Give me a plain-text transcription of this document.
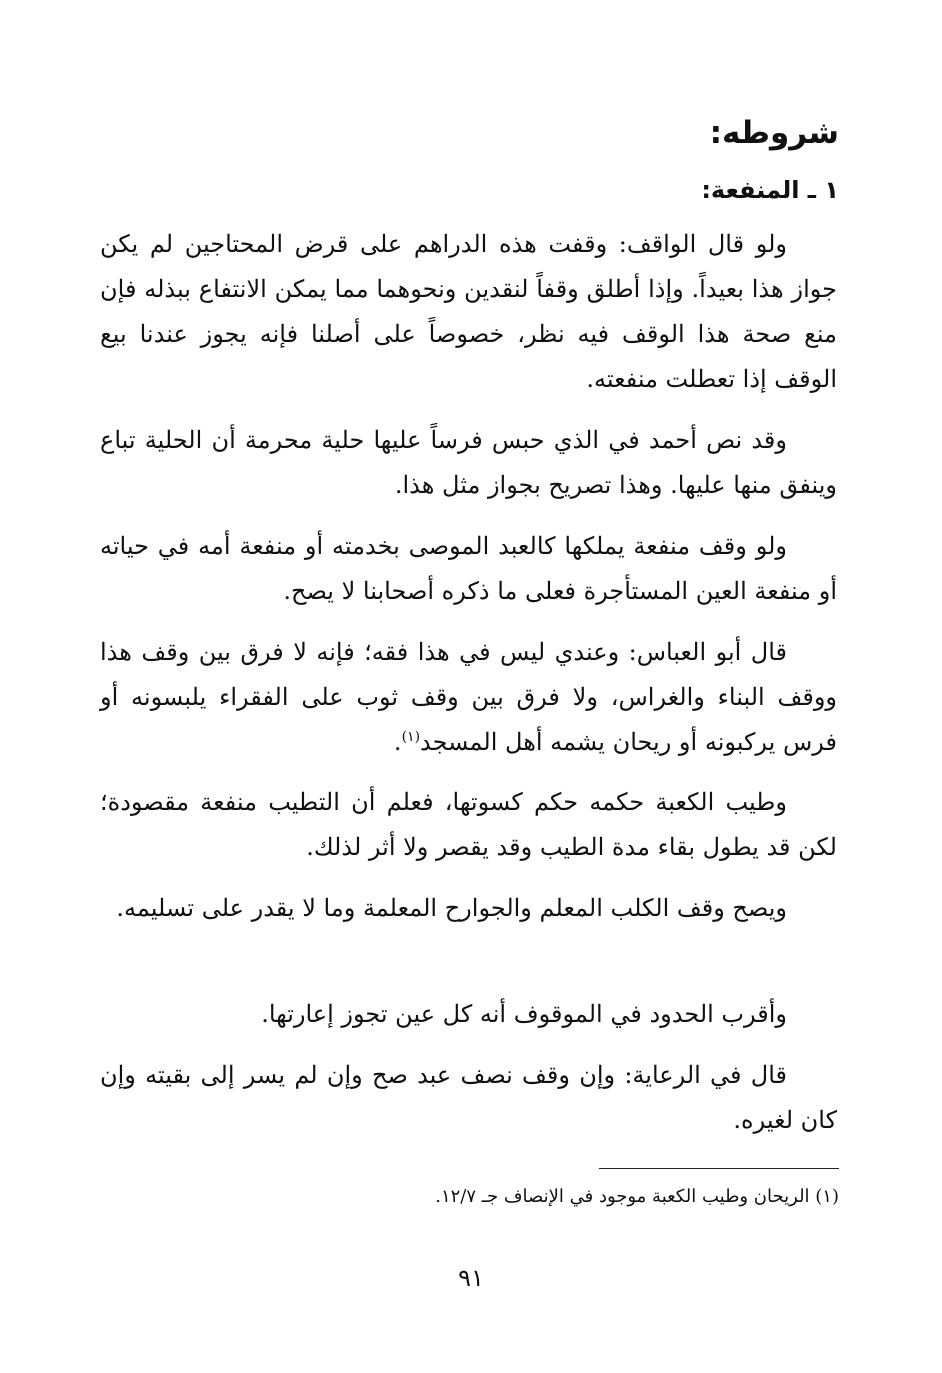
شروطه:
١ ـ المنفعة:

ولو قال الواقف: وقفت هذه الدراهم على قرض المحتاجين لم يكن جواز هذا بعيداً. وإذا أطلق وقفاً لنقدين ونحوهما مما يمكن الانتفاع ببذله فإن منع صحة هذا الوقف فيه نظر، خصوصاً على أصلنا فإنه يجوز عندنا بيع الوقف إذا تعطلت منفعته.

وقد نص أحمد في الذي حبس فرساً عليها حلية محرمة أن الحلية تباع وينفق منها عليها. وهذا تصريح بجواز مثل هذا.

ولو وقف منفعة يملكها كالعبد الموصى بخدمته أو منفعة أمه في حياته أو منفعة العين المستأجرة فعلى ما ذكره أصحابنا لا يصح.

قال أبو العباس: وعندي ليس في هذا فقه؛ فإنه لا فرق بين وقف هذا ووقف البناء والغراس، ولا فرق بين وقف ثوب على الفقراء يلبسونه أو فرس يركبونه أو ريحان يشمه أهل المسجد$^{(١)}$.

وطيب الكعبة حكمه حكم كسوتها، فعلم أن التطيب منفعة مقصودة؛ لكن قد يطول بقاء مدة الطيب وقد يقصر ولا أثر لذلك.

ويصح وقف الكلب المعلم والجوارح المعلمة وما لا يقدر على تسليمه.

وأقرب الحدود في الموقوف أنه كل عين تجوز إعارتها.

قال في الرعاية: وإن وقف نصف عبد صح وإن لم يسر إلى بقيته وإن كان لغيره.

(١) الريحان وطيب الكعبة موجود في الإنصاف جـ ١٢/٧.

٩١
